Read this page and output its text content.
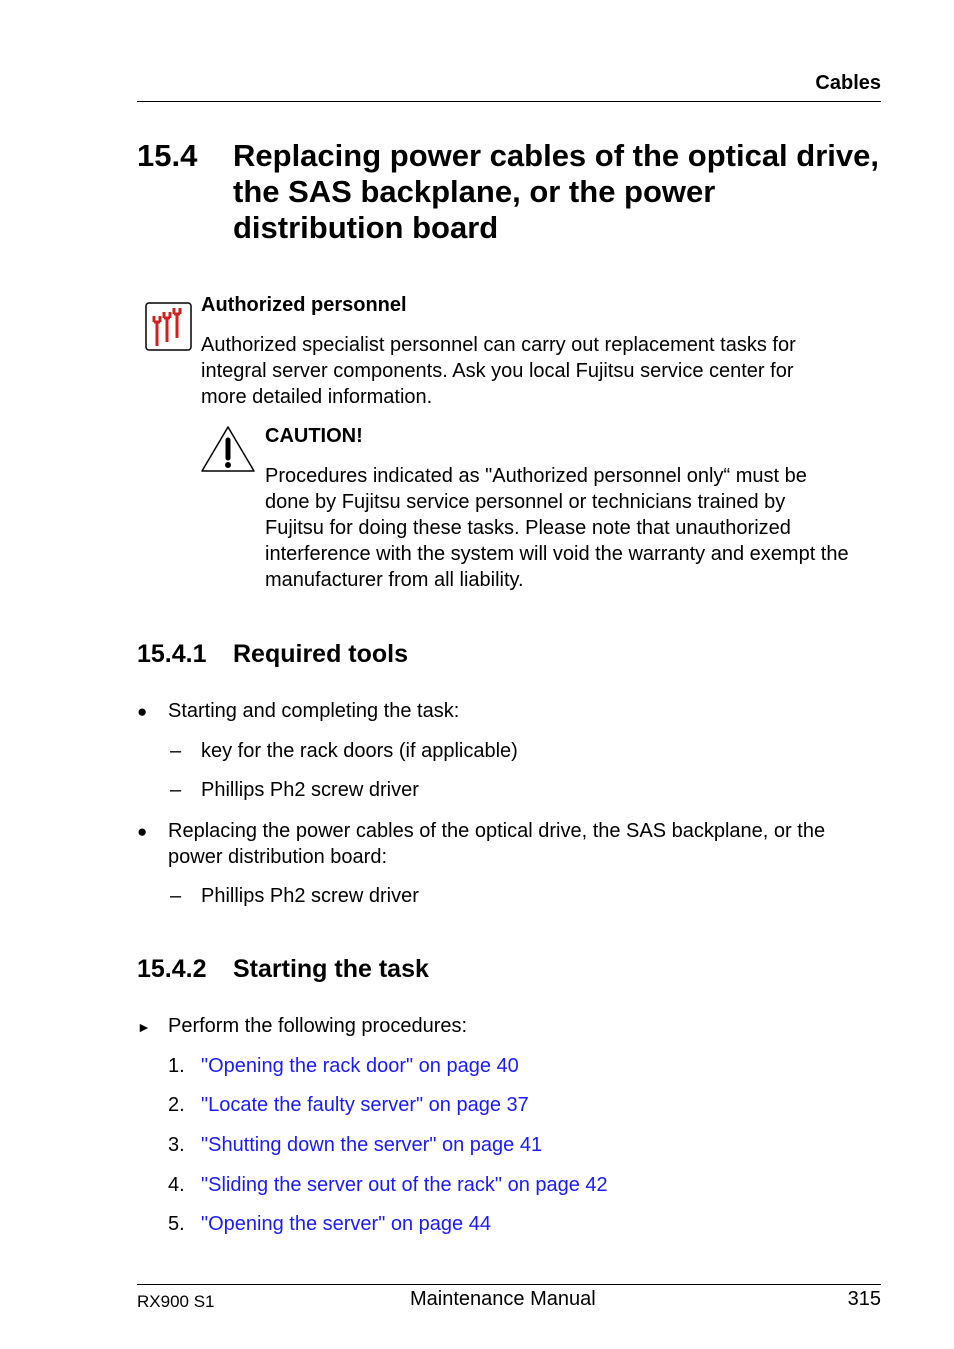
Cables
15.4 Replacing power cables of the optical drive,
the SAS backplane, or the power
distribution board
Authorized personnel
Authorized specialist personnel can carry out replacement tasks for
integral server components. Ask you local Fujitsu service center for
more detailed information.
CAUTION!
Procedures indicated as "Authorized personnel only“ must be
done by Fujitsu service personnel or technicians trained by
Fujitsu for doing these tasks. Please note that unauthorized
interference with the system will void the warranty and exempt the
manufacturer from all liability.
15.4.1 Required tools
● Starting and completing the task:
– key for the rack doors (if applicable)
– Phillips Ph2 screw driver
● Replacing the power cables of the optical drive, the SAS backplane, or the
power distribution board:
– Phillips Ph2 screw driver
15.4.2 Starting the task
► Perform the following procedures:
1. "Opening the rack door" on page 40
2. "Locate the faulty server" on page 37
3. "Shutting down the server" on page 41
4. "Sliding the server out of the rack" on page 42
5. "Opening the server" on page 44
RX900 S1	Maintenance Manual	315
